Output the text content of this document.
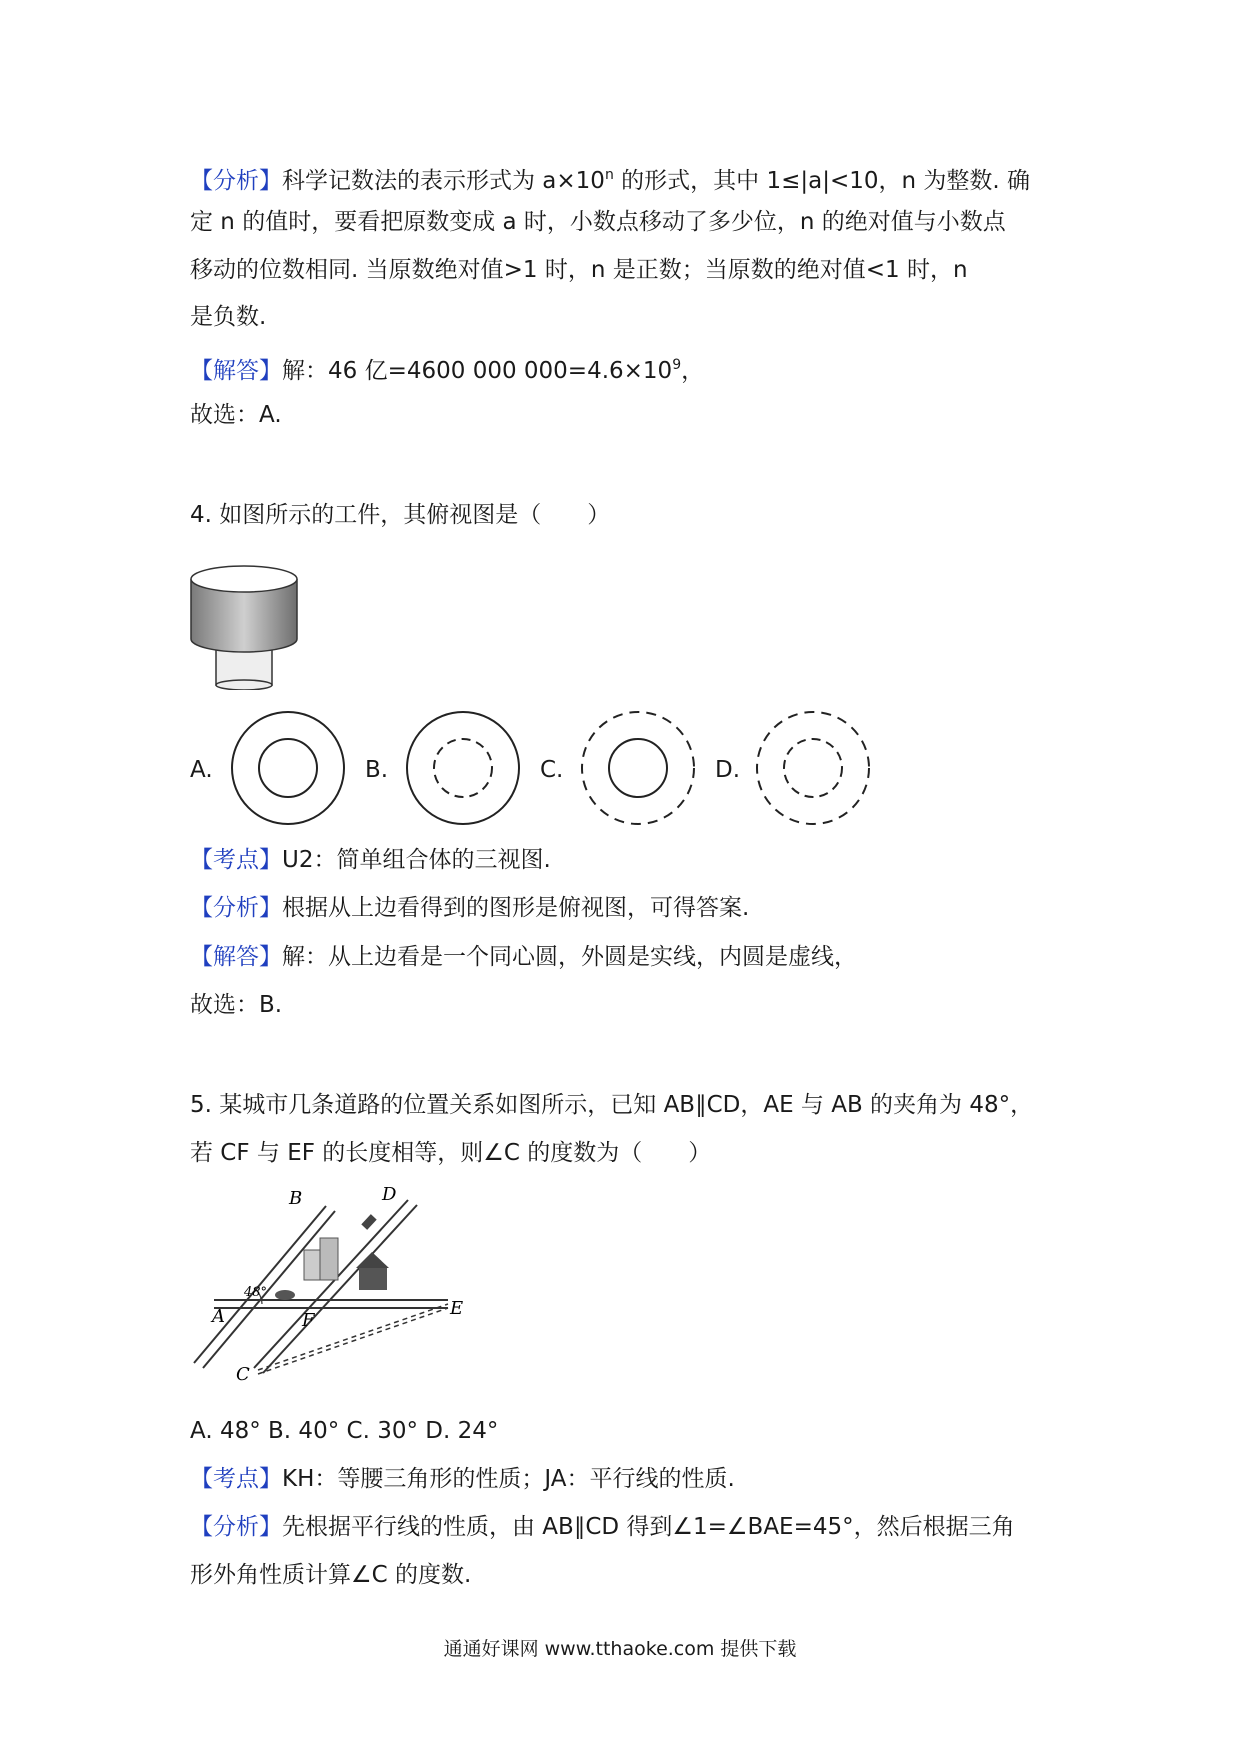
【分析】科学记数法的表示形式为 $a\times 10^n$ 的形式，其中 1≤|a|<10，n 为整数. 确
定 n 的值时，要看把原数变成 a 时，小数点移动了多少位，n 的绝对值与小数点
移动的位数相同. 当原数绝对值>1 时，n 是正数；当原数的绝对值<1 时，n
是负数.
【解答】解：46 亿=4600 000 $000=4.6\times 10^9$，
故选：A.
4. 如图所示的工件，其俯视图是（　　）
A.	B.	C.	D.
【考点】U2：简单组合体的三视图.
【分析】根据从上边看得到的图形是俯视图，可得答案.
【解答】解：从上边看是一个同心圆，外圆是实线，内圆是虚线，
故选：B.
5. 某城市几条道路的位置关系如图所示，已知 AB∥CD，AE 与 AB 的夹角为 48°，
若 CF 与 EF 的长度相等，则∠C 的度数为（　　）
B	D
A	F
E
C
48°
A. 48° B. 40° C. 30° D. 24°
【考点】KH：等腰三角形的性质；JA：平行线的性质.
【分析】先根据平行线的性质，由 AB∥CD 得到∠1=∠BAE=45°，然后根据三角
形外角性质计算∠C 的度数.
通通好课网 www.tthaoke.com 提供下载
